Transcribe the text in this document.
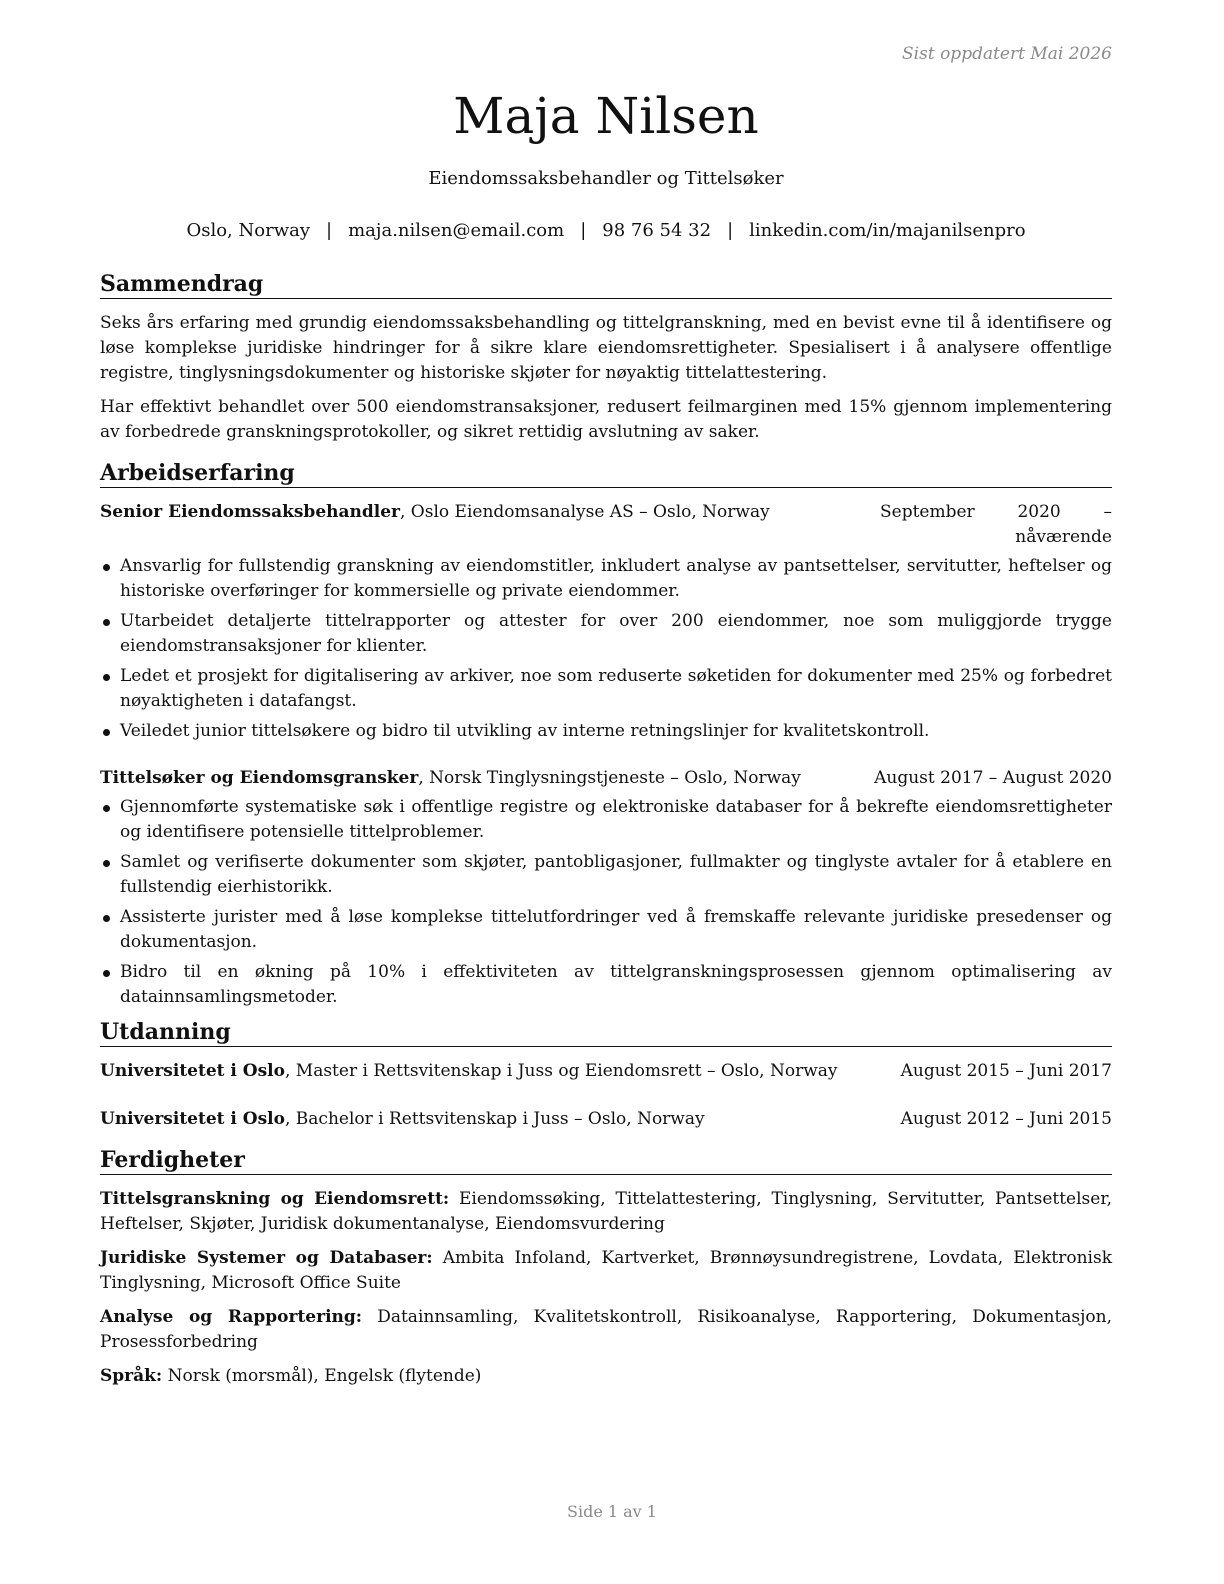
Sist oppdatert Mai 2026
Maja Nilsen
Eiendomssaksbehandler og Tittelsøker
Oslo, Norway | maja.nilsen@email.com | 98 76 54 32 | linkedin.com/in/majanilsenpro
Sammendrag

Seks års erfaring med grundig eiendomssaksbehandling og tittelgranskning, med en bevist evne til å identifisere og løse komplekse juridiske hindringer for å sikre klare eiendomsrettigheter. Spesialisert i å analysere offentlige registre, tinglysningsdokumenter og historiske skjøter for nøyaktig tittelattestering.

Har effektivt behandlet over 500 eiendomstransaksjoner, redusert feilmarginen med 15% gjennom implementering av forbedrede granskningsprotokoller, og sikret rettidig avslutning av saker.

Arbeidserfaring
Senior Eiendomssaksbehandler, Oslo Eiendomsanalyse AS – Oslo, Norway	September 2020 – nåværende
Ansvarlig for fullstendig granskning av eiendomstitler, inkludert analyse av pantsettelser, servitutter, heftelser og historiske overføringer for kommersielle og private eiendommer.
Utarbeidet detaljerte tittelrapporter og attester for over 200 eiendommer, noe som muliggjorde trygge eiendomstransaksjoner for klienter.
Ledet et prosjekt for digitalisering av arkiver, noe som reduserte søketiden for dokumenter med 25% og forbedret nøyaktigheten i datafangst.
Veiledet junior tittelsøkere og bidro til utvikling av interne retningslinjer for kvalitetskontroll.
Tittelsøker og Eiendomsgransker, Norsk Tinglysningstjeneste – Oslo, Norway	August 2017 – August 2020
Gjennomførte systematiske søk i offentlige registre og elektroniske databaser for å bekrefte eiendomsrettigheter og identifisere potensielle tittelproblemer.
Samlet og verifiserte dokumenter som skjøter, pantobligasjoner, fullmakter og tinglyste avtaler for å etablere en fullstendig eierhistorikk.
Assisterte jurister med å løse komplekse tittelutfordringer ved å fremskaffe relevante juridiske presedenser og dokumentasjon.
Bidro til en økning på 10% i effektiviteten av tittelgranskningsprosessen gjennom optimalisering av datainnsamlingsmetoder.
Utdanning
Universitetet i Oslo, Master i Rettsvitenskap i Juss og Eiendomsrett – Oslo, Norway	August 2015 – Juni 2017
Universitetet i Oslo, Bachelor i Rettsvitenskap i Juss – Oslo, Norway	August 2012 – Juni 2015
Ferdigheter

Tittelsgranskning og Eiendomsrett: Eiendomssøking, Tittelattestering, Tinglysning, Servitutter, Pantsettelser, Heftelser, Skjøter, Juridisk dokumentanalyse, Eiendomsvurdering

Juridiske Systemer og Databaser: Ambita Infoland, Kartverket, Brønnøysundregistrene, Lovdata, Elektronisk Tinglysning, Microsoft Office Suite

Analyse og Rapportering: Datainnsamling, Kvalitetskontroll, Risikoanalyse, Rapportering, Dokumentasjon, Prosessforbedring

Språk: Norsk (morsmål), Engelsk (flytende)

Side 1 av 1
